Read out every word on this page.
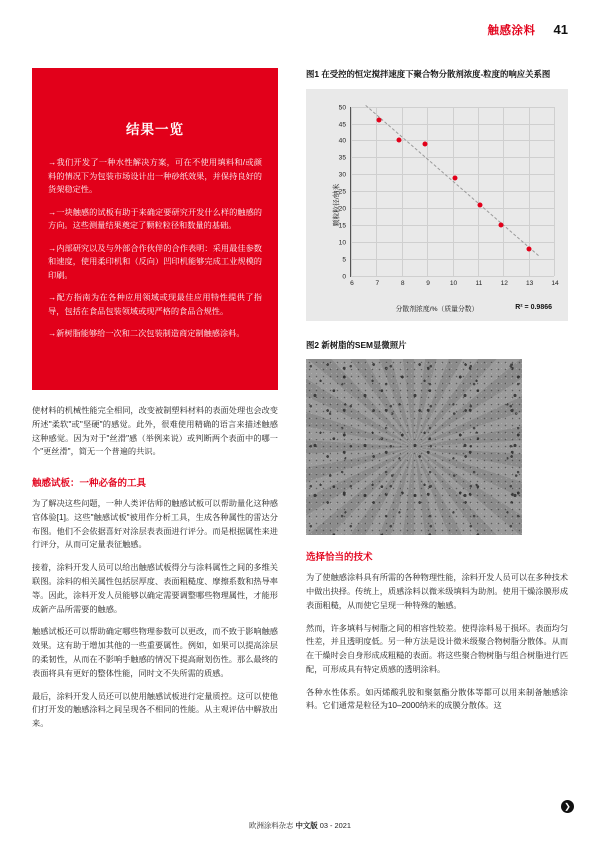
触感涂料 41
结果一览
→我们开发了一种水性解决方案，可在不使用填料和/或颜料的情况下为包装市场设计出一种砂纸效果，并保持良好的货架稳定性。
→一块触感的试板有助于来确定要研究开发什么样的触感的方向。这些测量结果奠定了颗粒粒径和数量的基础。
→内部研究以及与外部合作伙伴的合作表明：采用最佳参数和速度，使用柔印机和（反向）凹印机能够完成工业规模的印刷。
→配方指南为在各种应用领域或现最佳应用特性提供了指导，包括在食品包装领域或现严格的食品合规性。
→新树脂能够给一次和二次包装制造商定制触感涂料。

使材料的机械性能完全相同，改变被制塑料材料的表面处理也会改变所述"柔软"或"坚硬"的感觉。此外，很难使用精确的语言来描述触感这种感觉。因为对于"丝滑"感（举例来说）或判断两个表面中的哪一个"更丝滑"，简无一个普遍的共识。

触感试板：一种必备的工具

为了解决这些问题，一种人类评估师的触感试板可以帮助量化这种感官体验[1]。这些"触感试板"被用作分析工具，生成各种属性的雷达分布图。他们不会依据喜好对涂层表表面进行评分。而是根据属性来进行评分，从而可定量表征触感。

接着，涂料开发人员可以给出触感试板得分与涂料属性之间的多维关联图。涂料的相关属性包括层厚度、表面粗糙度、摩擦系数和热导率等。因此，涂料开发人员能够以确定需要调整哪些物理属性，才能形成新产品所需要的触感。

触感试板还可以帮助确定哪些物理参数可以更改，而不致于影响触感效果。这有助于增加其他的一些重要属性。例如，如果可以提高涂层的柔韧性，从而在不影响手触感的情况下提高耐划伤性。那么最终的表面将具有更好的整体性能，同时文不失所需的质感。

最后，涂料开发人员还可以使用触感试板进行定量质控。这可以使他们打开发的触感涂料之间呈现各不相同的性能。从主观评估中解放出来。

图1 在受控的恒定搅拌速度下聚合物分散剂浓度-粒度的响应关系图
颗粒粒径/纳米
0
5
10
15
20
25
30
35
40
45
50
6	7	8	9	10	11	12	13	14
分散剂浓度/%（质量分数）	R² = 0.9866
图2 新树脂的SEM显微照片
选择恰当的技术

为了使触感涂料具有所需的各种物理性能，涂料开发人员可以在多种技术中做出抉择。传统上，质感涂料以微米级填料为助剂。使用干燥涂膜形成表面粗糙，从而使它呈现一种特殊的触感。

然而，许多填料与树脂之间的相容性较差。使得涂料易于损坏。表面均匀性差，并且透明度低。另一种方法是设计微米级聚合物树脂分散体。从而在干燥时会自身形成成粗糙的表面。将这些聚合物树脂与组合树脂进行匹配，可形成具有特定质感的透明涂料。

各种水性体系。如丙烯酸乳胶和聚氨酯分散体等都可以用来制备触感涂料。它们通常是粒径为10–2000纳米的成膜分散体。这

❯
欧洲涂料杂志 中文版 03 - 2021
